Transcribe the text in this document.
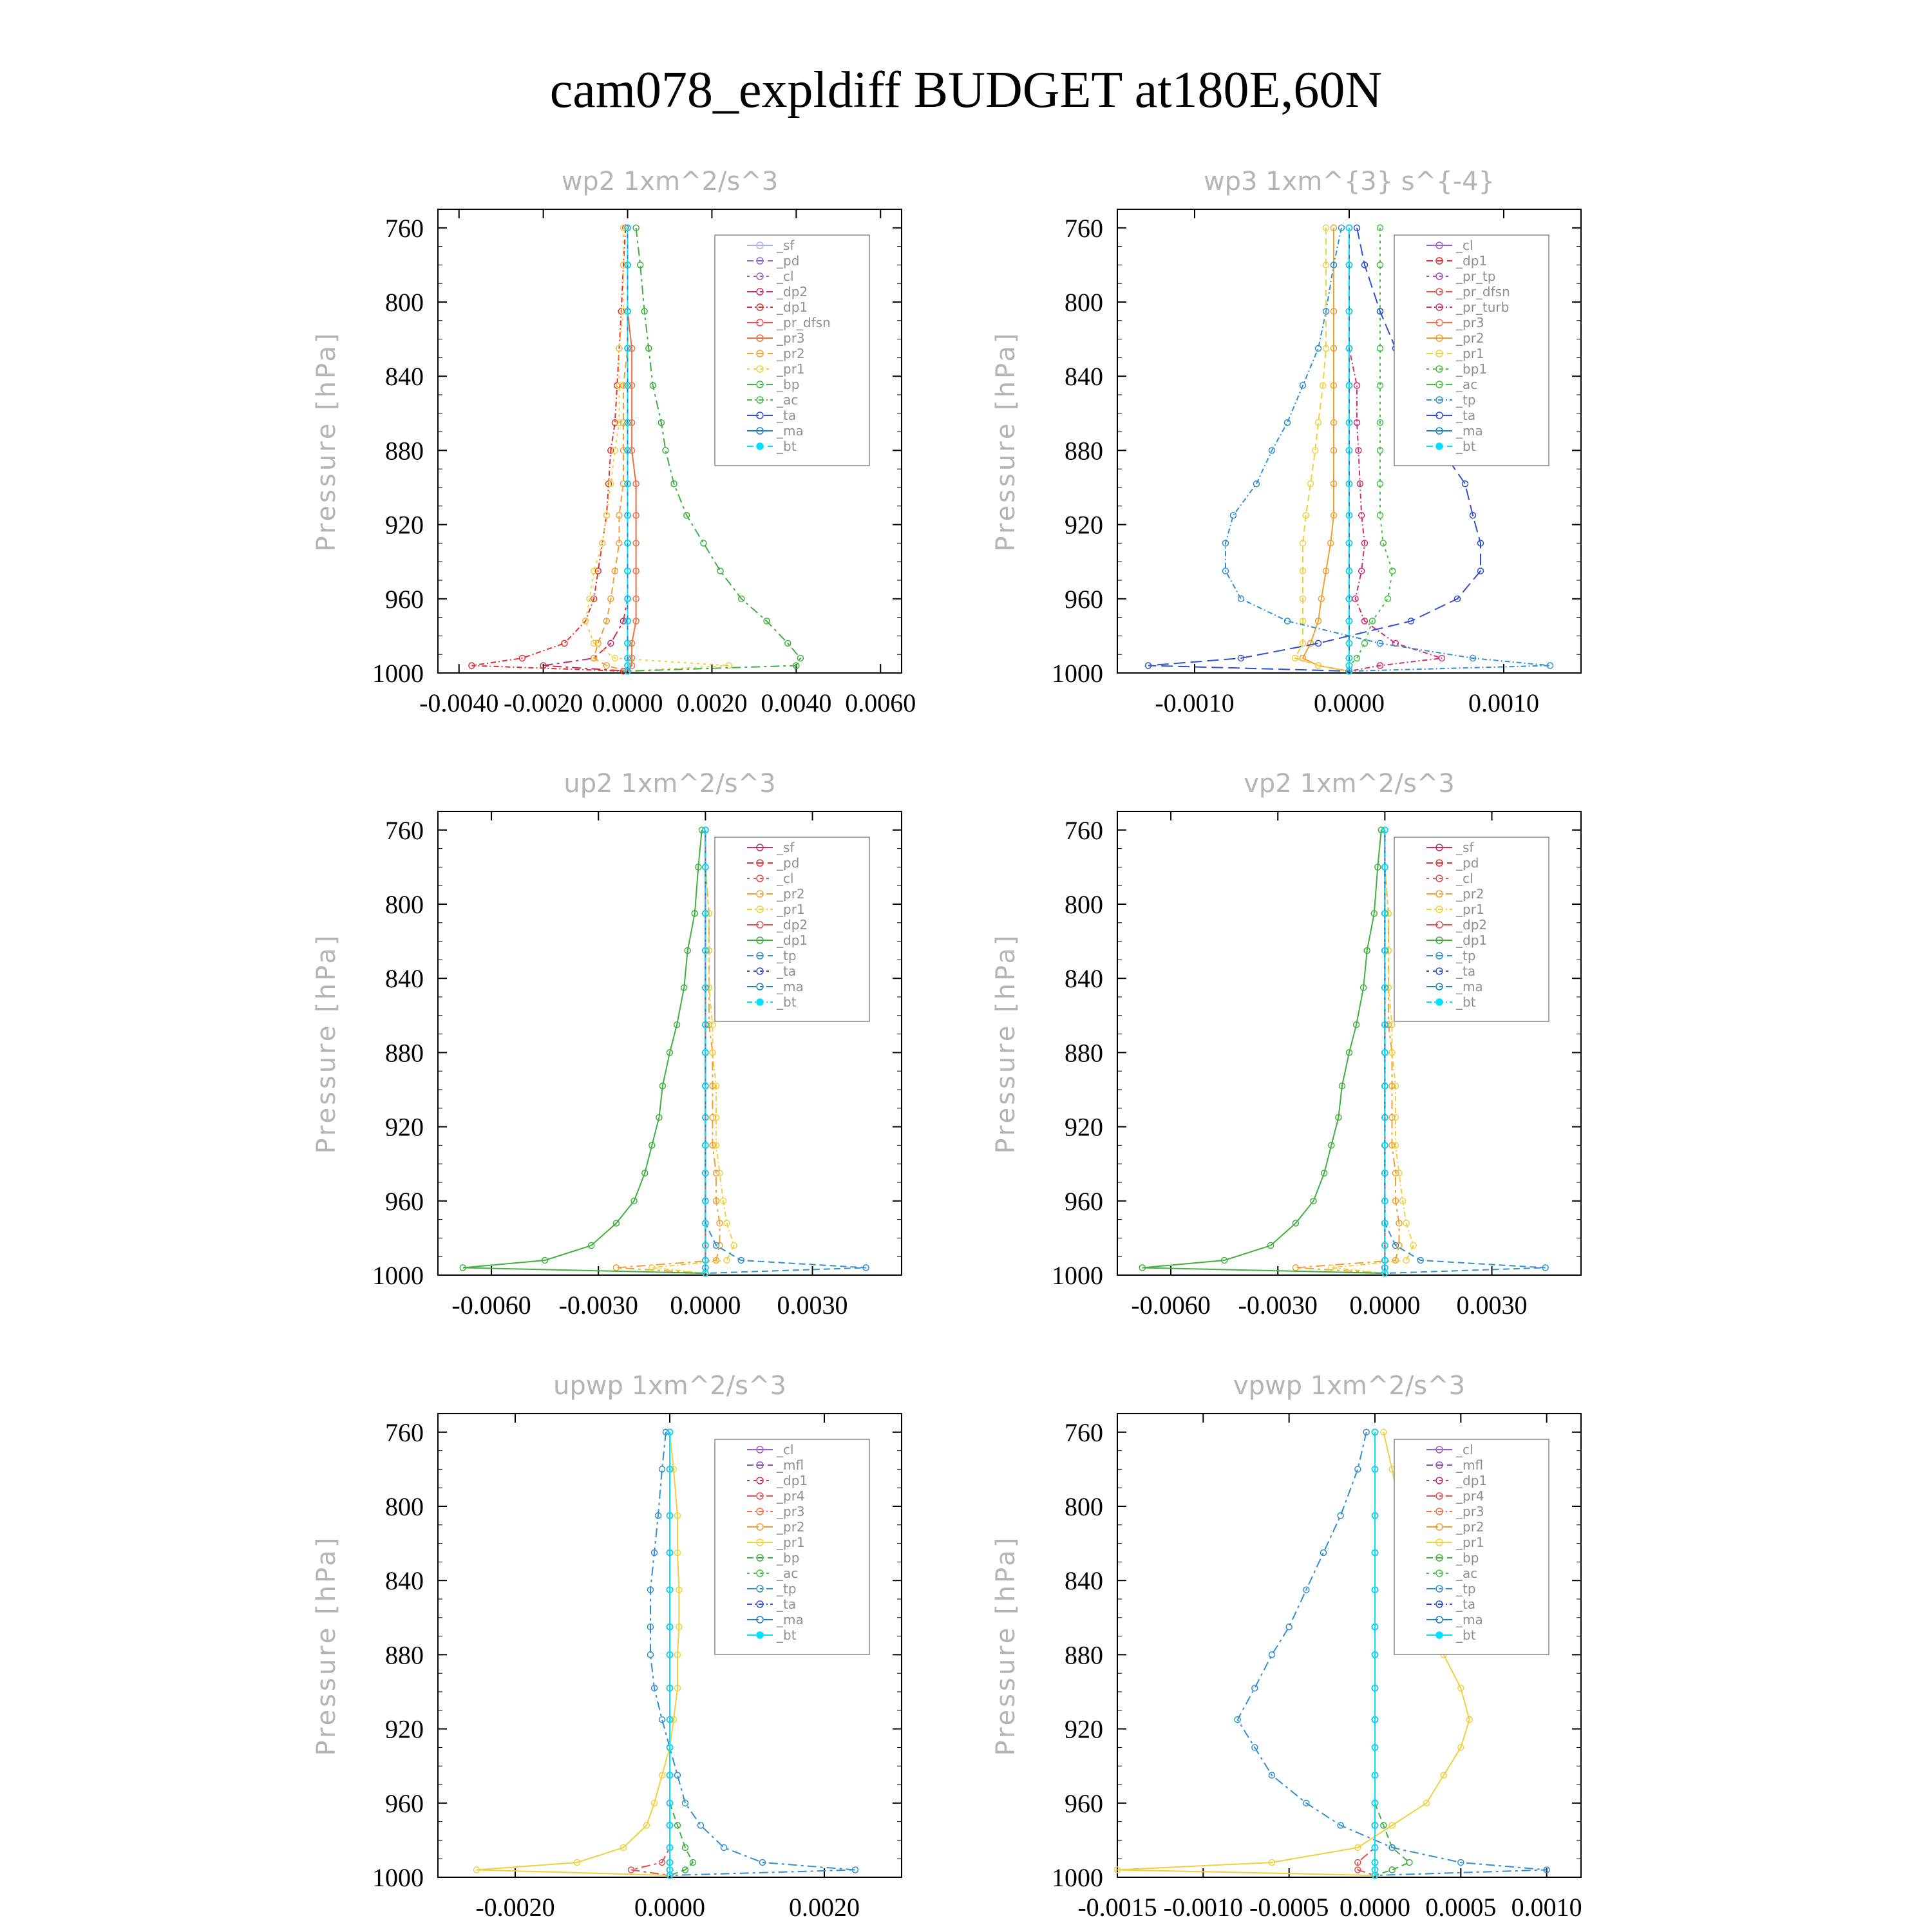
cam078_expldiff BUDGET at180E,60N
wp2 1xm^2/s^3
Pressure [hPa]
760
800
840
880
920
960
1000
-0.0040 -0.0020 0.0000 0.0020 0.0040 0.0060
_sf
_pd
_cl
_dp2
_dp1
_pr_dfsn
_pr3
_pr2
_pr1
_bp
_ac
_ta
_ma
_bt
wp3 1xm^{3} s^{-4}
Pressure [hPa]
760
800
840
880
920
960
1000
-0.0010	0.0000	0.0010
_cl
_dp1
_pr_tp
_pr_dfsn
_pr_turb
_pr3
_pr2
_pr1
_bp1
_ac
_tp
_ta
_ma
_bt
up2 1xm^2/s^3
Pressure [hPa]
760
800
840
880
920
960
1000
-0.0060 -0.0030 0.0000 0.0030
_sf
_pd
_cl
_pr2
_pr1
_dp2
_dp1
_tp
_ta
_ma
_bt
vp2 1xm^2/s^3
Pressure [hPa]
760
800
840
880
920
960
1000
-0.0060 -0.0030 0.0000 0.0030
_sf
_pd
_cl
_pr2
_pr1
_dp2
_dp1
_tp
_ta
_ma
_bt
upwp 1xm^2/s^3
Pressure [hPa]
760
800
840
880
920
960
1000
-0.0020	0.0000	0.0020
_cl
_mfl
_dp1
_pr4
_pr3
_pr2
_pr1
_bp
_ac
_tp
_ta
_ma
_bt
vpwp 1xm^2/s^3
Pressure [hPa]
760
800
840
880
920
960
1000
-0.0015 -0.0010 -0.0005 0.0000 0.0005 0.0010
_cl
_mfl
_dp1
_pr4
_pr3
_pr2
_pr1
_bp
_ac
_tp
_ta
_ma
_bt
